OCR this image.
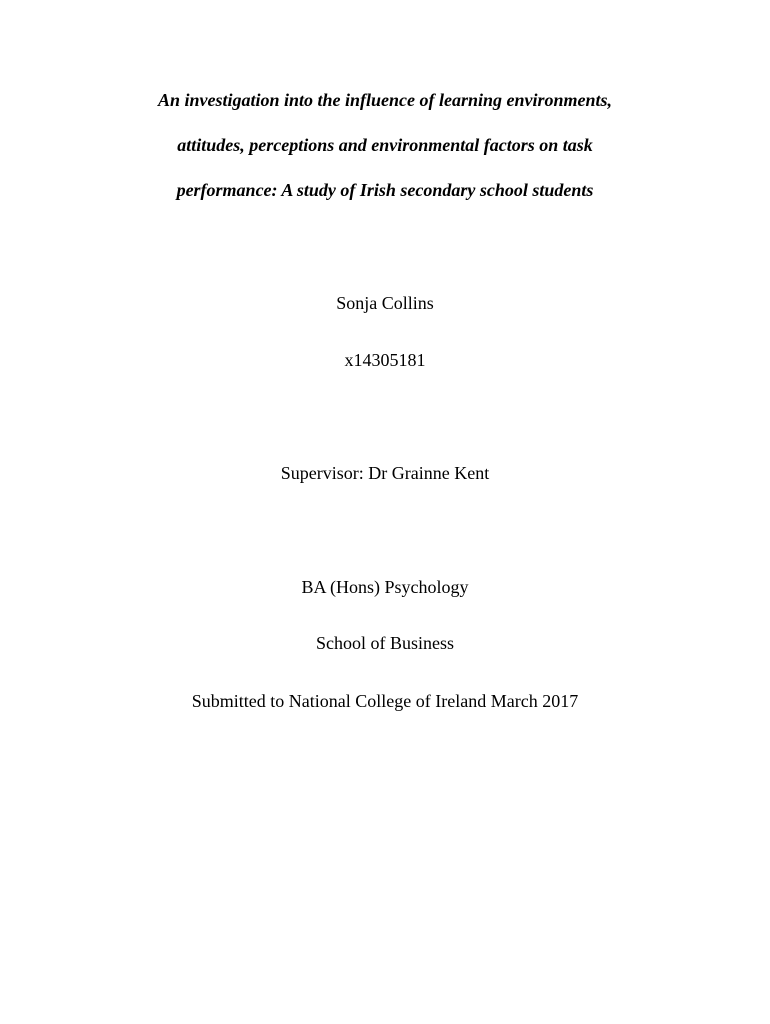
An investigation into the influence of learning environments,
attitudes, perceptions and environmental factors on task
performance: A study of Irish secondary school students
Sonja Collins
x14305181
Supervisor: Dr Grainne Kent
BA (Hons) Psychology
School of Business
Submitted to National College of Ireland March 2017
